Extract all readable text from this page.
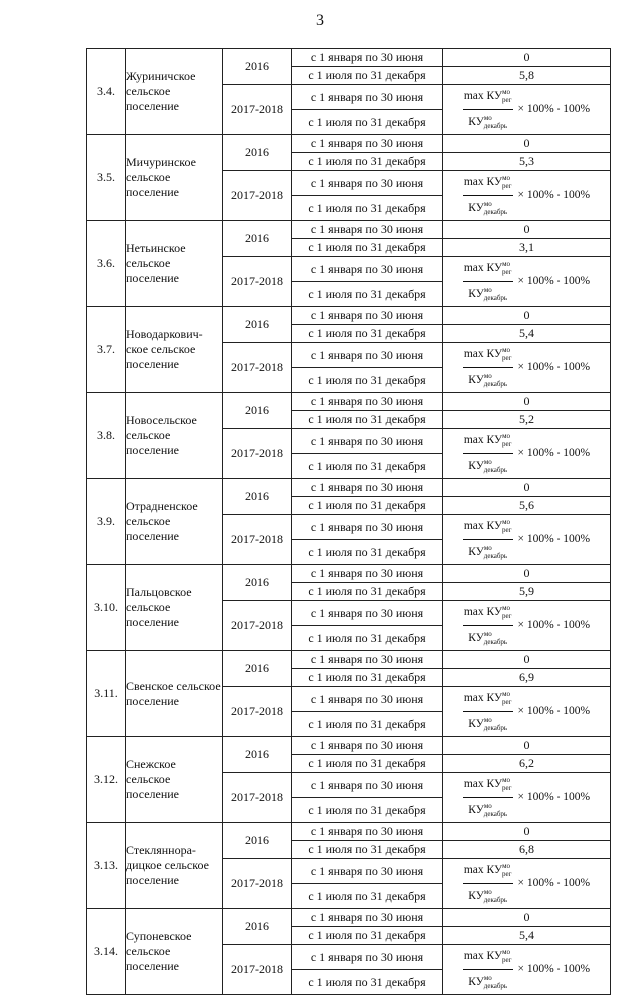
3
3.4.	Журиничское сельское поселение	2016	с 1 января по 30 июня	0
			с 1 июля по 31 декабря	5,8
		2017-2018	с 1 января по 30 июня	$\frac{\max КУ^{мо}_{рег}}{КУ^{мо}_{декабрь}} \times 100\% - 100\%$

			с 1 июля по 31 декабря	
3.5.	Мичуринское сельское поселение	2016	с 1 января по 30 июня	0
			с 1 июля по 31 декабря	5,3
		2017-2018	с 1 января по 30 июня	$\frac{\max КУ^{мо}_{рег}}{КУ^{мо}_{декабрь}} \times 100\% - 100\%$

			с 1 июля по 31 декабря	
3.6.	Нетьинское сельское поселение	2016	с 1 января по 30 июня	0
			с 1 июля по 31 декабря	3,1
		2017-2018	с 1 января по 30 июня	$\frac{\max КУ^{мо}_{рег}}{КУ^{мо}_{декабрь}} \times 100\% - 100\%$

			с 1 июля по 31 декабря	
3.7.	Новодаркович-ское сельское поселение	2016	с 1 января по 30 июня	0
			с 1 июля по 31 декабря	5,4
		2017-2018	с 1 января по 30 июня	$\frac{\max КУ^{мо}_{рег}}{КУ^{мо}_{декабрь}} \times 100\% - 100\%$

			с 1 июля по 31 декабря	
3.8.	Новосельское сельское поселение	2016	с 1 января по 30 июня	0
			с 1 июля по 31 декабря	5,2
		2017-2018	с 1 января по 30 июня	$\frac{\max КУ^{мо}_{рег}}{КУ^{мо}_{декабрь}} \times 100\% - 100\%$

			с 1 июля по 31 декабря	
3.9.	Отрадненское сельское поселение	2016	с 1 января по 30 июня	0
			с 1 июля по 31 декабря	5,6
		2017-2018	с 1 января по 30 июня	$\frac{\max КУ^{мо}_{рег}}{КУ^{мо}_{декабрь}} \times 100\% - 100\%$

			с 1 июля по 31 декабря	
3.10.	Пальцовское сельское поселение	2016	с 1 января по 30 июня	0
			с 1 июля по 31 декабря	5,9
		2017-2018	с 1 января по 30 июня	$\frac{\max КУ^{мо}_{рег}}{КУ^{мо}_{декабрь}} \times 100\% - 100\%$

			с 1 июля по 31 декабря	
3.11.	Свенское сельское поселение	2016	с 1 января по 30 июня	0
			с 1 июля по 31 декабря	6,9
		2017-2018	с 1 января по 30 июня	$\frac{\max КУ^{мо}_{рег}}{КУ^{мо}_{декабрь}} \times 100\% - 100\%$

			с 1 июля по 31 декабря	
3.12.	Снежское сельское поселение	2016	с 1 января по 30 июня	0
			с 1 июля по 31 декабря	6,2
		2017-2018	с 1 января по 30 июня	$\frac{\max КУ^{мо}_{рег}}{КУ^{мо}_{декабрь}} \times 100\% - 100\%$

			с 1 июля по 31 декабря	
3.13.	Стекляннора-дицкое сельское поселение	2016	с 1 января по 30 июня	0
			с 1 июля по 31 декабря	6,8
		2017-2018	с 1 января по 30 июня	$\frac{\max КУ^{мо}_{рег}}{КУ^{мо}_{декабрь}} \times 100\% - 100\%$

			с 1 июля по 31 декабря	
3.14.	Супоневское сельское поселение	2016	с 1 января по 30 июня	0
			с 1 июля по 31 декабря	5,4
		2017-2018	с 1 января по 30 июня	$\frac{\max КУ^{мо}_{рег}}{КУ^{мо}_{декабрь}} \times 100\% - 100\%$

			с 1 июля по 31 декабря	
